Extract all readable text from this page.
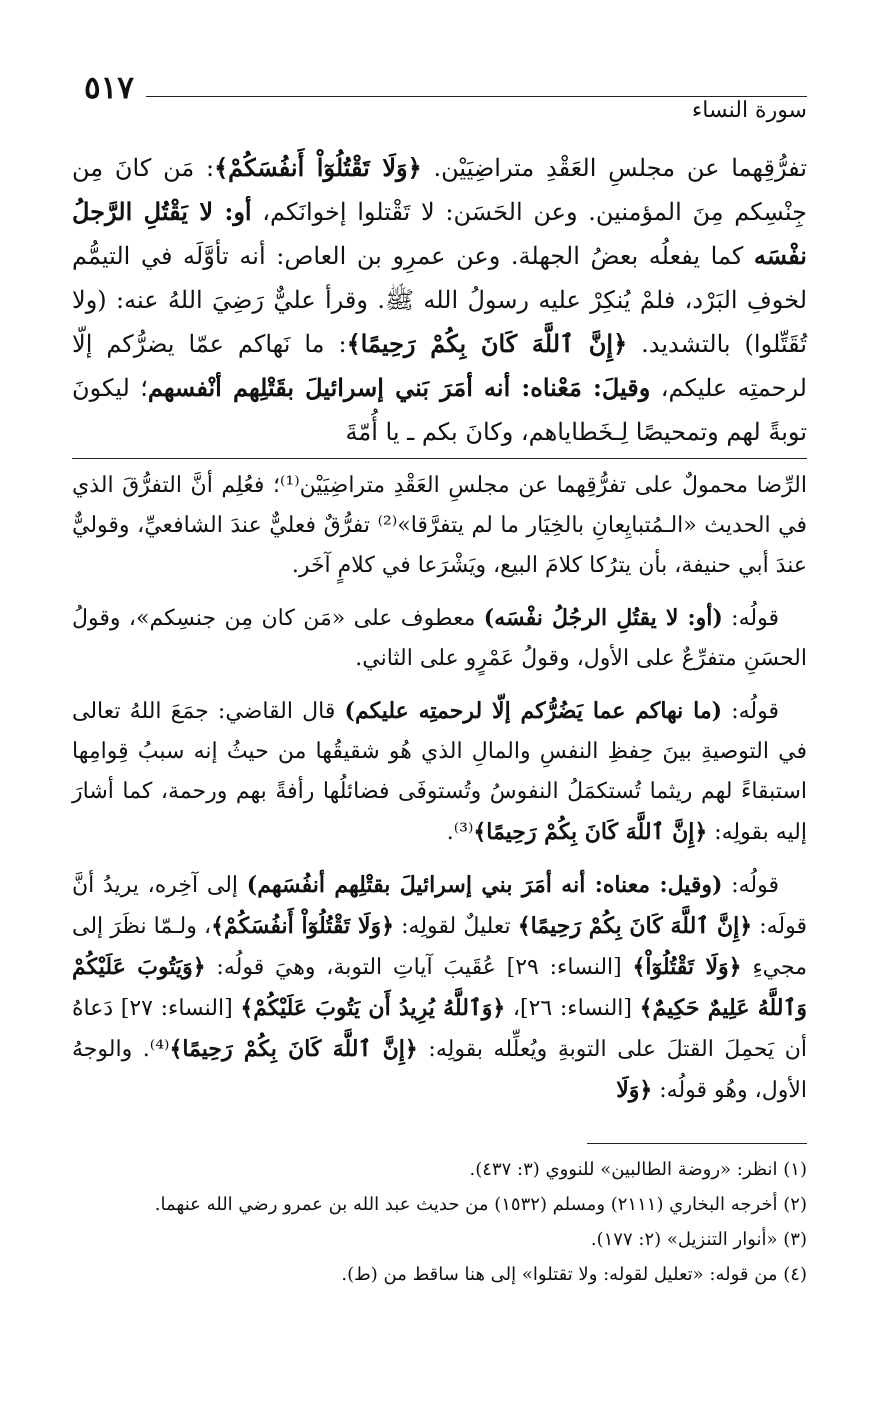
٥١٧
سورة النساء

تفرُّقِهما عن مجلسِ العَقْدِ متراضِيَيْن. ﴿وَلَا تَقْتُلُوٓاْ أَنفُسَكُمْ﴾: مَن كانَ مِن جِنْسِكم مِنَ المؤمنين. وعن الحَسَن: لا تَقْتلوا إخوانَكم، أو: لا يَقْتُلِ الرَّجلُ نفْسَه كما يفعلُه بعضُ الجهلة. وعن عمرِو بن العاص: أنه تأوَّلَه في التيمُّم لخوفِ البَرْد، فلمْ يُنكِرْ عليه رسولُ الله ﷺ. وقرأ عليٌّ رَضِيَ اللهُ عنه: (ولا تُقَتِّلوا) بالتشديد. ﴿إِنَّ ٱللَّهَ كَانَ بِكُمْ رَحِيمًا﴾: ما نَهاكم عمّا يضرُّكم إلّا لرحمتِه عليكم، وقيلَ: مَعْناه: أنه أمَرَ بَني إسرائيلَ بقَتْلِهم أنْفسهم؛ ليكونَ توبةً لهم وتمحيصًا لِـخَطاياهم، وكانَ بكم ـ يا أُمّةَ

الرِّضا محمولٌ على تفرُّقِهما عن مجلسِ العَقْدِ متراضِيَيْن⁽¹⁾؛ فعُلِم أنَّ التفرُّقَ الذي في الحديث «الـمُتبايِعانِ بالخِيَار ما لم يتفرَّقا»⁽²⁾ تفرُّقٌ فعليٌّ عندَ الشافعيِّ، وقوليٌّ عندَ أبي حنيفة، بأن يترُكا كلامَ البيع، ويَشْرَعا في كلامٍ آخَر.

قولُه: (أو: لا يقتُلِ الرجُلُ نفْسَه) معطوف على «مَن كان مِن جنسِكم»، وقولُ الحسَنِ متفرِّعٌ على الأول، وقولُ عَمْرٍو على الثاني.

قولُه: (ما نهاكم عما يَضُرُّكم إلّا لرحمتِه عليكم) قال القاضي: جمَعَ اللهُ تعالى في التوصيةِ بينَ حِفظِ النفسِ والمالِ الذي هُو شقيقُها من حيثُ إنه سببُ قِوامِها استبقاءً لهم ريثما تُستكمَلُ النفوسُ وتُستوفَى فضائلُها رأفةً بهم ورحمة، كما أشارَ إليه بقولِه: ﴿إِنَّ ٱللَّهَ كَانَ بِكُمْ رَحِيمًا﴾⁽³⁾.

قولُه: (وقيل: معناه: أنه أمَرَ بني إسرائيلَ بقتْلِهم أنفُسَهم) إلى آخِره، يريدُ أنَّ قولَه: ﴿إِنَّ ٱللَّهَ كَانَ بِكُمْ رَحِيمًا﴾ تعليلٌ لقولِه: ﴿وَلَا تَقْتُلُوٓاْ أَنفُسَكُمْ﴾، ولـمّا نظَرَ إلى مجيءِ ﴿وَلَا تَقْتُلُوٓاْ﴾ [النساء: ٢٩] عُقَيبَ آياتِ التوبة، وهيَ قولُه: ﴿وَيَتُوبَ عَلَيْكُمْ وَٱللَّهُ عَلِيمٌ حَكِيمٌ﴾ [النساء: ٢٦]، ﴿وَٱللَّهُ يُرِيدُ أَن يَتُوبَ عَلَيْكُمْ﴾ [النساء: ٢٧] دَعاهُ أن يَحمِلَ القتلَ على التوبةِ ويُعلِّله بقولِه: ﴿إِنَّ ٱللَّهَ كَانَ بِكُمْ رَحِيمًا﴾⁽⁴⁾. والوجهُ الأول، وهُو قولُه: ﴿وَلَا

(١) انظر: «روضة الطالبين» للنووي (٣: ٤٣٧).

(٢) أخرجه البخاري (٢١١١) ومسلم (١٥٣٢) من حديث عبد الله بن عمرو رضي الله عنهما.

(٣) «أنوار التنزيل» (٢: ١٧٧).

(٤) من قوله: «تعليل لقوله: ولا تقتلوا» إلى هنا ساقط من (ط).
